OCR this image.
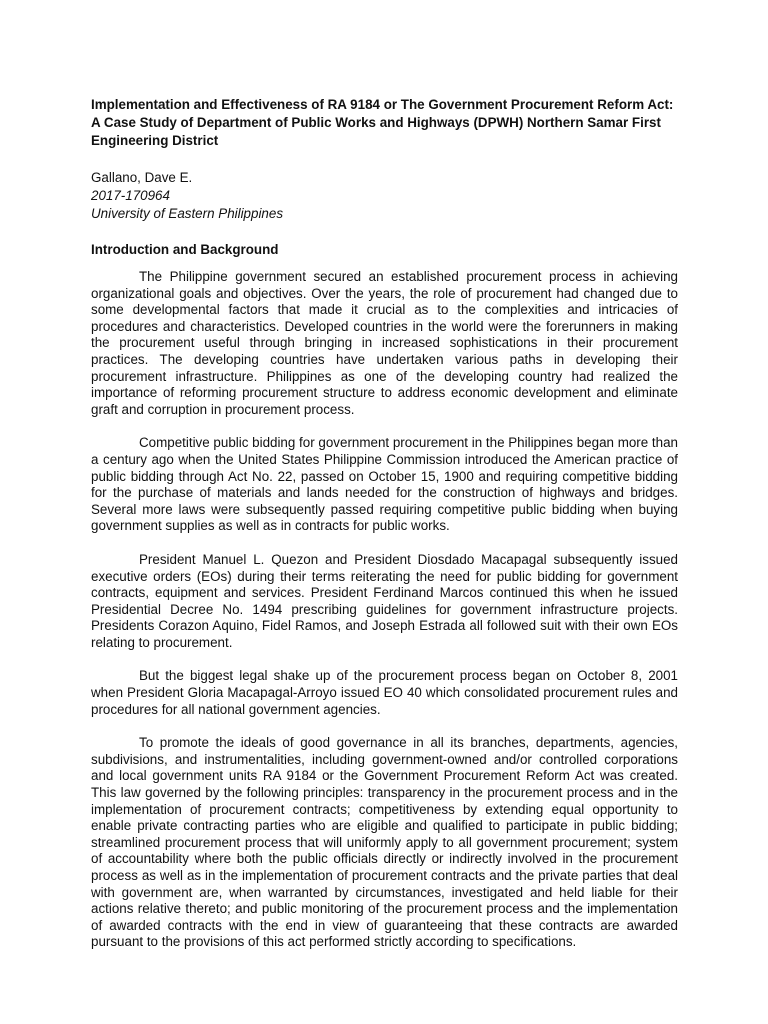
Implementation and Effectiveness of RA 9184 or The Government Procurement Reform Act: A Case Study of Department of Public Works and Highways (DPWH) Northern Samar First Engineering District
Gallano, Dave E.
2017-170964
University of Eastern Philippines
Introduction and Background

The Philippine government secured an established procurement process in achieving organizational goals and objectives. Over the years, the role of procurement had changed due to some developmental factors that made it crucial as to the complexities and intricacies of procedures and characteristics. Developed countries in the world were the forerunners in making the procurement useful through bringing in increased sophistications in their procurement practices. The developing countries have undertaken various paths in developing their procurement infrastructure. Philippines as one of the developing country had realized the importance of reforming procurement structure to address economic development and eliminate graft and corruption in procurement process.

Competitive public bidding for government procurement in the Philippines began more than a century ago when the United States Philippine Commission introduced the American practice of public bidding through Act No. 22, passed on October 15, 1900 and requiring competitive bidding for the purchase of materials and lands needed for the construction of highways and bridges. Several more laws were subsequently passed requiring competitive public bidding when buying government supplies as well as in contracts for public works.

President Manuel L. Quezon and President Diosdado Macapagal subsequently issued executive orders (EOs) during their terms reiterating the need for public bidding for government contracts, equipment and services. President Ferdinand Marcos continued this when he issued Presidential Decree No. 1494 prescribing guidelines for government infrastructure projects. Presidents Corazon Aquino, Fidel Ramos, and Joseph Estrada all followed suit with their own EOs relating to procurement.

But the biggest legal shake up of the procurement process began on October 8, 2001 when President Gloria Macapagal-Arroyo issued EO 40 which consolidated procurement rules and procedures for all national government agencies.

To promote the ideals of good governance in all its branches, departments, agencies, subdivisions, and instrumentalities, including government-owned and/or controlled corporations and local government units RA 9184 or the Government Procurement Reform Act was created. This law governed by the following principles: transparency in the procurement process and in the implementation of procurement contracts; competitiveness by extending equal opportunity to enable private contracting parties who are eligible and qualified to participate in public bidding; streamlined procurement process that will uniformly apply to all government procurement; system of accountability where both the public officials directly or indirectly involved in the procurement process as well as in the implementation of procurement contracts and the private parties that deal with government are, when warranted by circumstances, investigated and held liable for their actions relative thereto; and public monitoring of the procurement process and the implementation of awarded contracts with the end in view of guaranteeing that these contracts are awarded pursuant to the provisions of this act performed strictly according to specifications.
